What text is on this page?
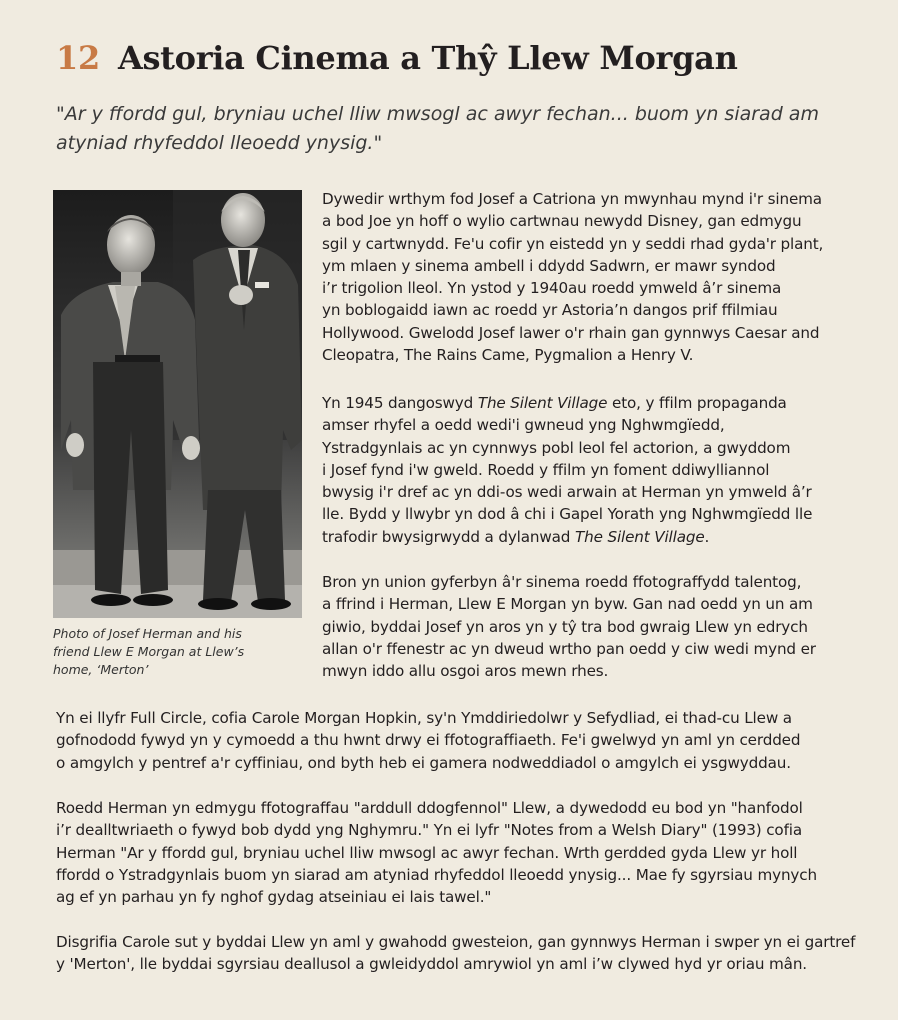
12 Astoria Cinema a Thŷ Llew Morgan

"Ar y ffordd gul, bryniau uchel lliw mwsogl ac awyr fechan... buom yn siarad am
atyniad rhyfeddol lleoedd ynysig."

Photo of Josef Herman and his
friend Llew E Morgan at Llew’s
home, ‘Merton’

Dywedir wrthym fod Josef a Catriona yn mwynhau mynd i'r sinema
a bod Joe yn hoff o wylio cartwnau newydd Disney, gan edmygu
sgil y cartwnydd. Fe'u cofir yn eistedd yn y seddi rhad gyda'r plant,
ym mlaen y sinema ambell i ddydd Sadwrn, er mawr syndod
i’r trigolion lleol. Yn ystod y 1940au roedd ymweld â’r sinema
yn boblogaidd iawn ac roedd yr Astoria’n dangos prif ffilmiau
Hollywood. Gwelodd Josef lawer o'r rhain gan gynnwys Caesar and
Cleopatra, The Rains Came, Pygmalion a Henry V.
Yn 1945 dangoswyd The Silent Village eto, y ffilm propaganda
amser rhyfel a oedd wedi'i gwneud yng Nghwmgïedd,
Ystradgynlais ac yn cynnwys pobl leol fel actorion, a gwyddom
i Josef fynd i'w gweld. Roedd y ffilm yn foment ddiwylliannol
bwysig i'r dref ac yn ddi-os wedi arwain at Herman yn ymweld â’r
lle. Bydd y llwybr yn dod â chi i Gapel Yorath yng Nghwmgïedd lle
trafodir bwysigrwydd a dylanwad The Silent Village.
Bron yn union gyferbyn â'r sinema roedd ffotograffydd talentog,
a ffrind i Herman, Llew E Morgan yn byw. Gan nad oedd yn un am
giwio, byddai Josef yn aros yn y tŷ tra bod gwraig Llew yn edrych
allan o'r ffenestr ac yn dweud wrtho pan oedd y ciw wedi mynd er
mwyn iddo allu osgoi aros mewn rhes.
Yn ei llyfr Full Circle, cofia Carole Morgan Hopkin, sy'n Ymddiriedolwr y Sefydliad, ei thad-cu Llew a
gofnododd fywyd yn y cymoedd a thu hwnt drwy ei ffotograffiaeth. Fe'i gwelwyd yn aml yn cerdded
o amgylch y pentref a'r cyffiniau, ond byth heb ei gamera nodweddiadol o amgylch ei ysgwyddau.
Roedd Herman yn edmygu ffotograffau "arddull ddogfennol" Llew, a dywedodd eu bod yn "hanfodol
i’r dealltwriaeth o fywyd bob dydd yng Nghymru." Yn ei lyfr "Notes from a Welsh Diary" (1993) cofia
Herman "Ar y ffordd gul, bryniau uchel lliw mwsogl ac awyr fechan. Wrth gerdded gyda Llew yr holl
ffordd o Ystradgynlais buom yn siarad am atyniad rhyfeddol lleoedd ynysig... Mae fy sgyrsiau mynych
ag ef yn parhau yn fy nghof gydag atseiniau ei lais tawel."
Disgrifia Carole sut y byddai Llew yn aml y gwahodd gwesteion, gan gynnwys Herman i swper yn ei gartref
y 'Merton', lle byddai sgyrsiau deallusol a gwleidyddol amrywiol yn aml i’w clywed hyd yr oriau mân.
